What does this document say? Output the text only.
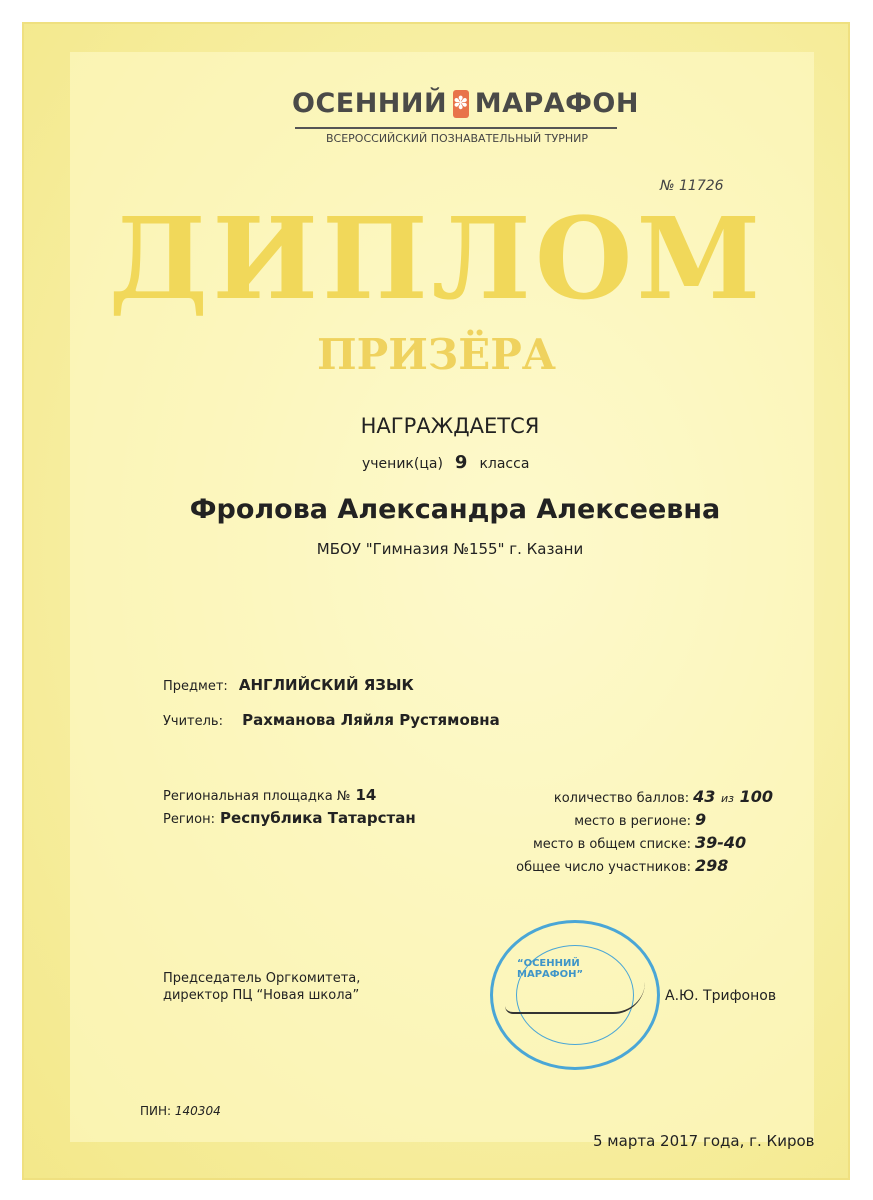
ОСЕННИЙ ✽ МАРАФОН
ВСЕРОССИЙСКИЙ ПОЗНАВАТЕЛЬНЫЙ ТУРНИР
№ 11726
ДИПЛОМ
ПРИЗЁРА
НАГРАЖДАЕТСЯ
ученик(ца) 9 класса
Фролова Александра Алексеевна
МБОУ "Гимназия №155" г. Казани
Предмет: АНГЛИЙСКИЙ ЯЗЫК
Учитель: Рахманова Ляйля Рустямовна
Региональная площадка № 14
Регион: Республика Татарстан
количество баллов: 43 из 100
место в регионе: 9
место в общем списке: 39-40
общее число участников: 298
Председатель Оргкомитета,
директор ПЦ “Новая школа”
“ОСЕННИЙ МАРАФОН”
А.Ю. Трифонов
ПИН: 140304
5 марта 2017 года, г. Киров
